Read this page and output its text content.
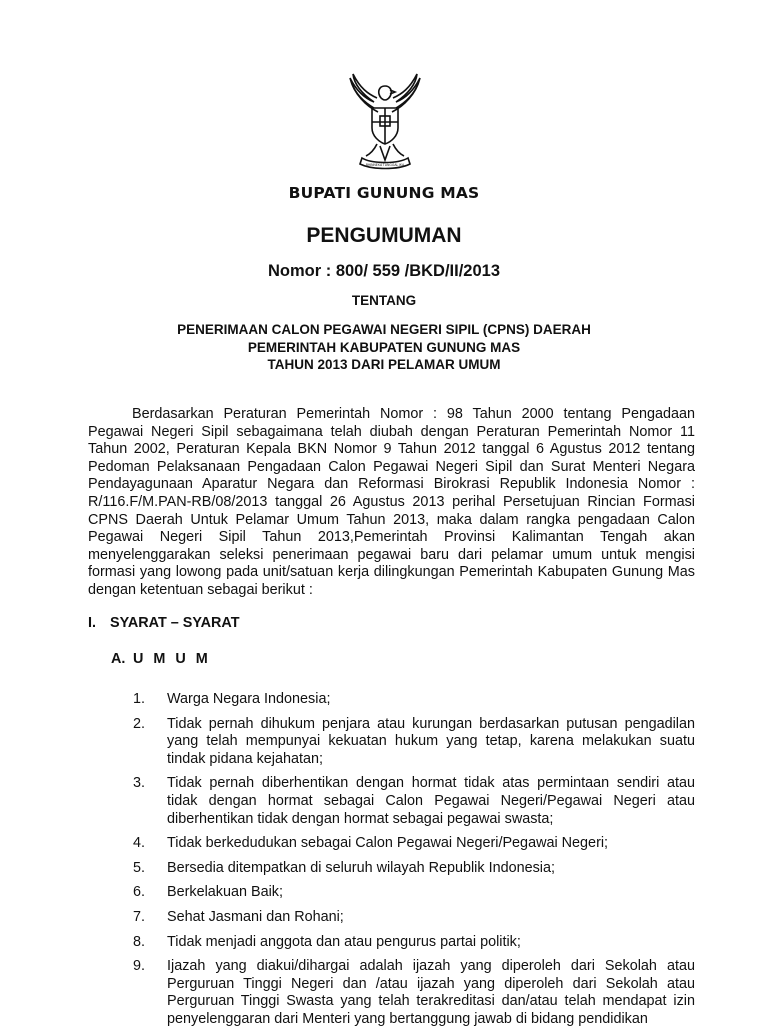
BHINNEKA TUNGGAL IKA
BUPATI GUNUNG MAS
PENGUMUMAN
Nomor : 800/ 559 /BKD/II/2013
TENTANG
PENERIMAAN CALON PEGAWAI NEGERI SIPIL (CPNS) DAERAH
PEMERINTAH KABUPATEN GUNUNG MAS
TAHUN 2013 DARI PELAMAR UMUM

Berdasarkan Peraturan Pemerintah Nomor : 98 Tahun 2000 tentang Pengadaan Pegawai Negeri Sipil sebagaimana telah diubah dengan Peraturan Pemerintah Nomor 11 Tahun 2002, Peraturan Kepala BKN Nomor 9 Tahun 2012 tanggal 6 Agustus 2012 tentang Pedoman Pelaksanaan Pengadaan Calon Pegawai Negeri Sipil dan Surat Menteri Negara Pendayagunaan Aparatur Negara dan Reformasi Birokrasi Republik Indonesia Nomor : R/116.F/M.PAN-RB/08/2013 tanggal 26 Agustus 2013 perihal Persetujuan Rincian Formasi CPNS Daerah Untuk Pelamar Umum Tahun 2013, maka dalam rangka pengadaan Calon Pegawai Negeri Sipil Tahun 2013,Pemerintah Provinsi Kalimantan Tengah akan menyelenggarakan seleksi penerimaan pegawai baru dari pelamar umum untuk mengisi formasi yang lowong pada unit/satuan kerja dilingkungan Pemerintah Kabupaten Gunung Mas dengan ketentuan sebagai berikut :

I. SYARAT – SYARAT
A. U M U M
1.	Warga Negara Indonesia;
2.	Tidak pernah dihukum penjara atau kurungan berdasarkan putusan pengadilan yang telah mempunyai kekuatan hukum yang tetap, karena melakukan suatu tindak pidana kejahatan;
3.	Tidak pernah diberhentikan dengan hormat tidak atas permintaan sendiri atau tidak dengan hormat sebagai Calon Pegawai Negeri/Pegawai Negeri atau diberhentikan tidak dengan hormat sebagai pegawai swasta;
4.	Tidak berkedudukan sebagai Calon Pegawai Negeri/Pegawai Negeri;
5.	Bersedia ditempatkan di seluruh wilayah Republik Indonesia;
6.	Berkelakuan Baik;
7.	Sehat Jasmani dan Rohani;
8.	Tidak menjadi anggota dan atau pengurus partai politik;
9.	Ijazah yang diakui/dihargai adalah ijazah yang diperoleh dari Sekolah atau Perguruan Tinggi Negeri dan /atau ijazah yang diperoleh dari Sekolah atau Perguruan Tinggi Swasta yang telah terakreditasi dan/atau telah mendapat izin penyelenggaran dari Menteri yang bertanggung jawab di bidang pendidikan
